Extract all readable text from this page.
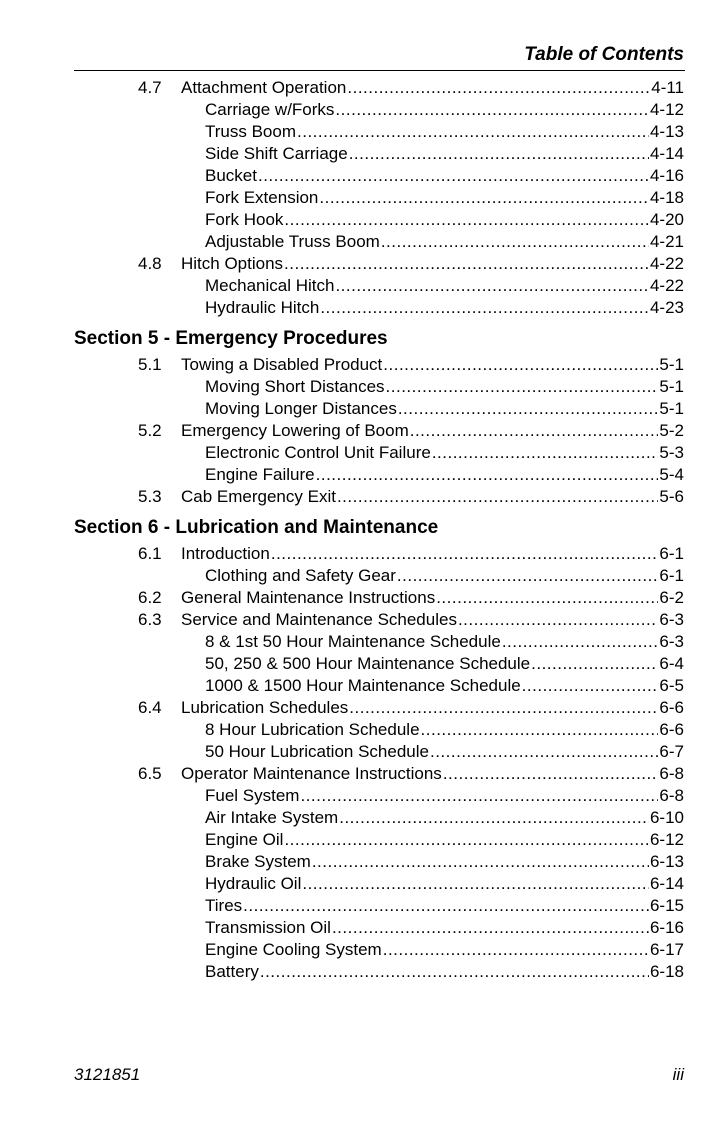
Table of Contents
4.7	Attachment Operation .....	4-11
Carriage w/Forks .....	4-12
Truss Boom .....	4-13
Side Shift Carriage .....	4-14
Bucket .....	4-16
Fork Extension .....	4-18
Fork Hook .....	4-20
Adjustable Truss Boom .....	4-21
4.8	Hitch Options .....	4-22
Mechanical Hitch .....	4-22
Hydraulic Hitch .....	4-23
Section 5 - Emergency Procedures
5.1	Towing a Disabled Product .....	5-1
Moving Short Distances .....	5-1
Moving Longer Distances .....	5-1
5.2	Emergency Lowering of Boom .....	5-2
Electronic Control Unit Failure .....	5-3
Engine Failure .....	5-4
5.3	Cab Emergency Exit .....	5-6
Section 6 - Lubrication and Maintenance
6.1	Introduction .....	6-1
Clothing and Safety Gear .....	6-1
6.2	General Maintenance Instructions .....	6-2
6.3	Service and Maintenance Schedules .....	6-3
8 & 1st 50 Hour Maintenance Schedule .....	6-3
50, 250 & 500 Hour Maintenance Schedule .....	6-4
1000 & 1500 Hour Maintenance Schedule .....	6-5
6.4	Lubrication Schedules .....	6-6
8 Hour Lubrication Schedule .....	6-6
50 Hour Lubrication Schedule .....	6-7
6.5	Operator Maintenance Instructions .....	6-8
Fuel System .....	6-8
Air Intake System .....	6-10
Engine Oil .....	6-12
Brake System .....	6-13
Hydraulic Oil .....	6-14
Tires .....	6-15
Transmission Oil .....	6-16
Engine Cooling System .....	6-17
Battery .....	6-18
3121851	iii
